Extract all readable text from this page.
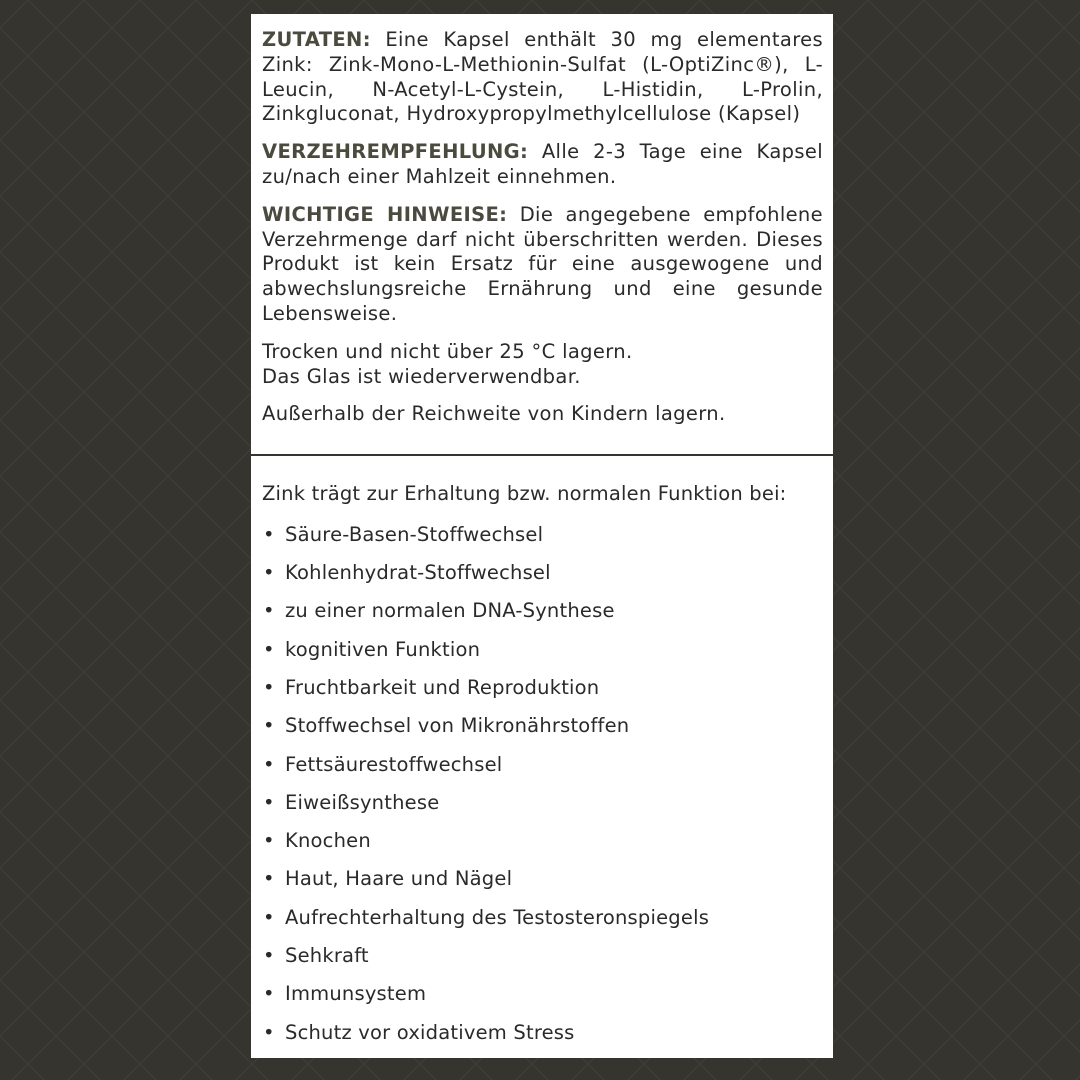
ZUTATEN: Eine Kapsel enthält 30 mg elementares Zink: Zink-Mono-L-Methionin-Sulfat (L-OptiZinc®), L-Leucin, N-Acetyl-L-Cystein, L-Histidin, L-Prolin, Zinkgluconat, Hydroxypropylmethylcellulose (Kapsel)

VERZEHREMPFEHLUNG: Alle 2-3 Tage eine Kapsel zu/nach einer Mahlzeit einnehmen.

WICHTIGE HINWEISE: Die angegebene empfohlene Verzehrmenge darf nicht überschritten werden. Dieses Produkt ist kein Ersatz für eine ausgewogene und abwechslungsreiche Ernährung und eine gesunde Lebensweise.

Trocken und nicht über 25 °C lagern.
Das Glas ist wiederverwendbar.

Außerhalb der Reichweite von Kindern lagern.

Zink trägt zur Erhaltung bzw. normalen Funktion bei:

• Säure-Basen-Stoffwechsel
• Kohlenhydrat-Stoffwechsel
• zu einer normalen DNA-Synthese
• kognitiven Funktion
• Fruchtbarkeit und Reproduktion
• Stoffwechsel von Mikronährstoffen
• Fettsäurestoffwechsel
• Eiweißsynthese
• Knochen
• Haut, Haare und Nägel
• Aufrechterhaltung des Testosteronspiegels
• Sehkraft
• Immunsystem
• Schutz vor oxidativem Stress
